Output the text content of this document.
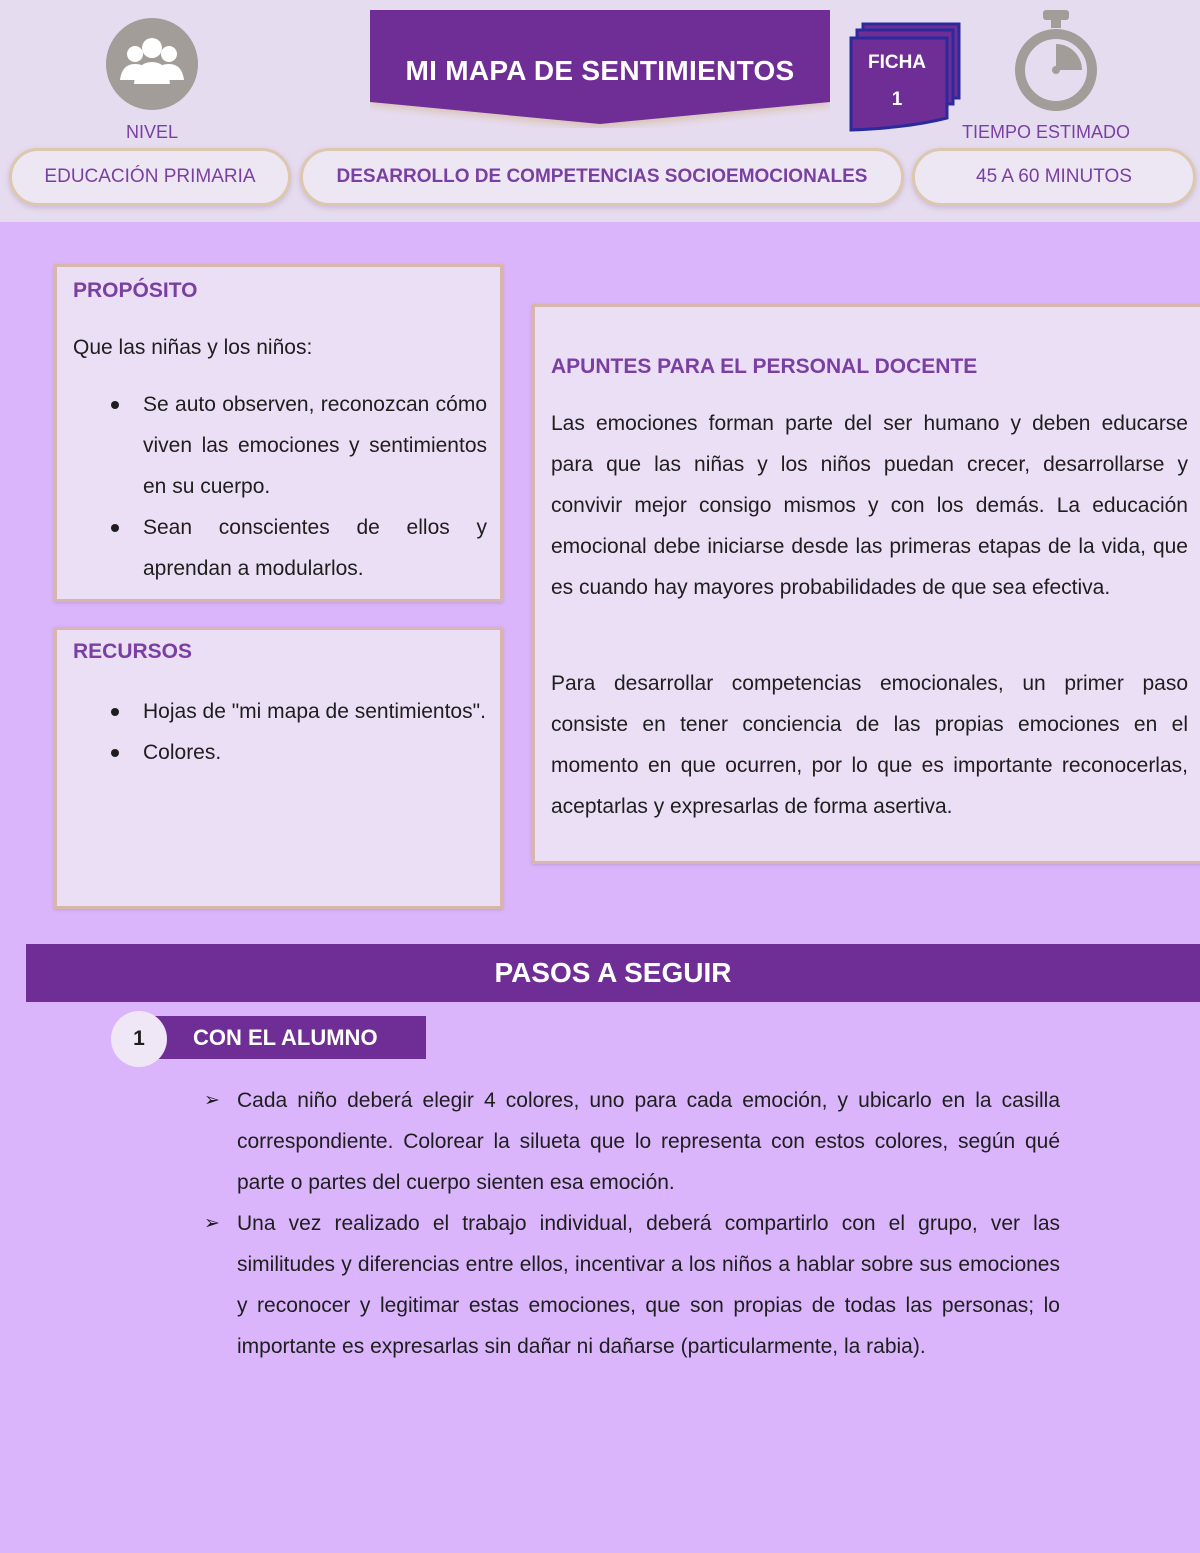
NIVEL
MI MAPA DE SENTIMIENTOS	FICHA
1
TIEMPO ESTIMADO
EDUCACIÓN PRIMARIA	DESARROLLO DE COMPETENCIAS SOCIOEMOCIONALES	45 A 60 MINUTOS
PROPÓSITO
Que las niñas y los niños:
Se auto observen, reconozcan cómo viven las emociones y sentimientos en su cuerpo.
Sean conscientes de ellos y aprendan a modularlos.
RECURSOS
Hojas de "mi mapa de sentimientos".
Colores.
APUNTES PARA EL PERSONAL DOCENTE
Las emociones forman parte del ser humano y deben educarse para que las niñas y los niños puedan crecer, desarrollarse y convivir mejor consigo mismos y con los demás. La educación emocional debe iniciarse desde las primeras etapas de la vida, que es cuando hay mayores probabilidades de que sea efectiva.
Para desarrollar competencias emocionales, un primer paso consiste en tener conciencia de las propias emociones en el momento en que ocurren, por lo que es importante reconocerlas, aceptarlas y expresarlas de forma asertiva.
PASOS A SEGUIR
CON EL ALUMNO
1
➢ Cada niño deberá elegir 4 colores, uno para cada emoción, y ubicarlo en la casilla correspondiente. Colorear la silueta que lo representa con estos colores, según qué parte o partes del cuerpo sienten esa emoción.
➢ Una vez realizado el trabajo individual, deberá compartirlo con el grupo, ver las similitudes y diferencias entre ellos, incentivar a los niños a hablar sobre sus emociones y reconocer y legitimar estas emociones, que son propias de todas las personas; lo importante es expresarlas sin dañar ni dañarse (particularmente, la rabia).
